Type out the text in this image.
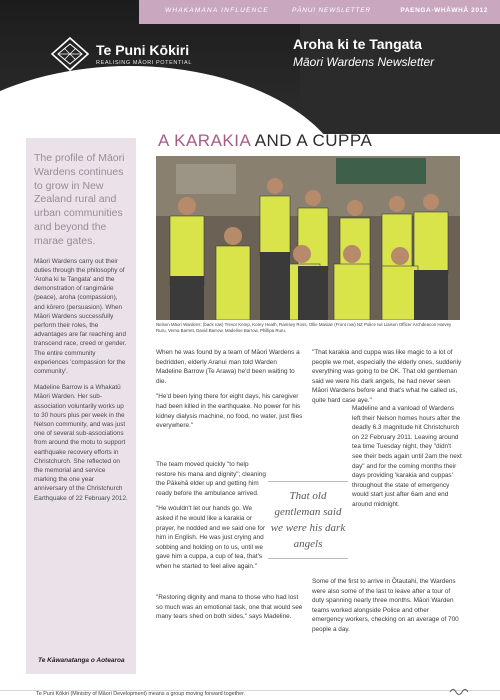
WHAKAMANA INFLUENCE	PĀNUI NEWSLETTER	PAENGA-WHĀWHĀ 2012
Te Puni Kōkiri
REALISING MĀORI POTENTIAL
Aroha ki te Tangata
Māori Wardens Newsletter
The profile of Māori Wardens continues to grow in New Zealand rural and urban communities and beyond the marae gates.

Māori Wardens carry out their duties through the philosophy of 'Aroha ki te Tangata' and the demonstration of rangimārie (peace), aroha (compassion), and kōrero (persuasion). When Māori Wardens successfully perform their roles, the advantages are far reaching and transcend race, creed or gender. The entire community experiences 'compassion for the community'.

Madeline Barrow is a Whakatū Māori Warden. Her sub-association voluntarily works up to 30 hours plus per week in the Nelson community, and was just one of several sub-associations from around the motu to support earthquake recovery efforts in Christchurch. She reflected on the memorial and service marking the one year anniversary of the Christchurch Earthquake of 22 February 2012.

Te Kāwanatanga o Aotearoa
A KARAKIA AND A CUPPA
Nelson Māori Wardens: (back row) Trevor Kemp, Korey Heath, Ramsey Ross, Ollie Masiae (Front row) NZ Police Iwi Liaison Officer Archdeacon Harvey Ruru, Verna Barrett, David Barrow, Madeline Barrow, Phillipa Ruru.

When he was found by a team of Māori Wardens a bedridden, elderly Aranui man told Warden Madeline Barrow (Te Arawa) he'd been waiting to die.

"He'd been lying there for eight days, his caregiver had been killed in the earthquake. No power for his kidney dialysis machine, no food, no water, just flies everywhere."

The team moved quickly "to help restore his mana and dignity"; cleaning the Pākehā elder up and getting him ready before the ambulance arrived.

"He wouldn't let our hands go. We asked if he would like a karakia or prayer, he nodded and we said one for him in English. He was just crying and sobbing and holding on to us, until we gave him a cuppa, a cup of tea, that's when he started to feel alive again."

"Restoring dignity and mana to those who had lost so much was an emotional task, one that would see many tears shed on both sides," says Madeline.

That old gentleman said we were his dark angels

"That karakia and cuppa was like magic to a lot of people we met, especially the elderly ones, suddenly everything was going to be OK. That old gentleman said we were his dark angels, he had never seen Māori Wardens before and that's what he called us, quite hard case aye."

Madeline and a vanload of Wardens left their Nelson homes hours after the deadly 6.3 magnitude hit Christchurch on 22 February 2011. Leaving around tea time Tuesday night, they "didn't see their beds again until 2am the next day" and for the coming months their days providing 'karakia and cuppas' throughout the state of emergency would start just after 6am and end around midnight.

Some of the first to arrive in Ōtautahi, the Wardens were also some of the last to leave after a tour of duty spanning nearly three months. Māori Warden teams worked alongside Police and other emergency workers, checking on an average of 700 people a day.

Te Puni Kōkiri (Ministry of Māori Development) means a group moving forward together.
